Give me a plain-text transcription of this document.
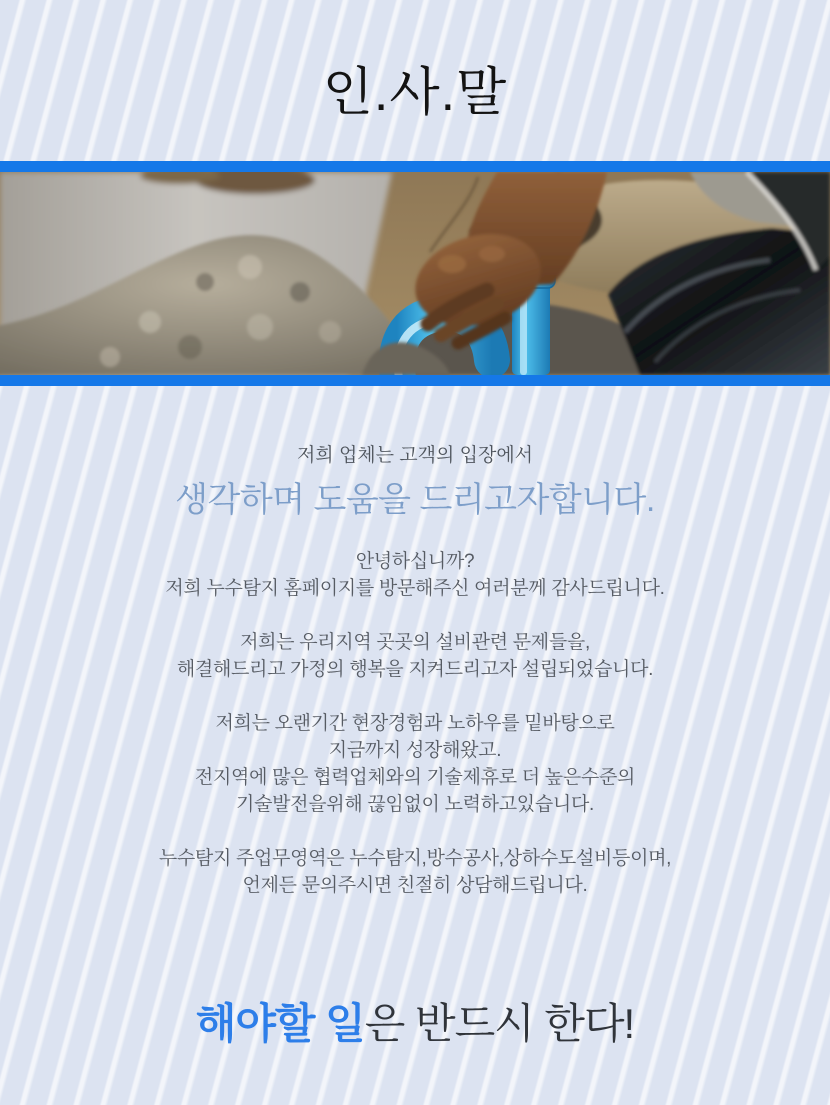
인.사.말

저희 업체는 고객의 입장에서

생각하며 도움을 드리고자합니다.

안녕하십니까?

저희 누수탐지 홈페이지를 방문해주신 여러분께 감사드립니다.

저희는 우리지역 곳곳의 설비관련 문제들을,

해결해드리고 가정의 행복을 지켜드리고자 설립되었습니다.

저희는 오랜기간 현장경험과 노하우를 밑바탕으로

지금까지 성장해왔고.

전지역에 많은 협력업체와의 기술제휴로 더 높은수준의

기술발전을위해 끊임없이 노력하고있습니다.

누수탐지 주업무영역은 누수탐지,방수공사,상하수도설비등이며,

언제든 문의주시면 친절히 상담해드립니다.

해야할 일은 반드시 한다!
